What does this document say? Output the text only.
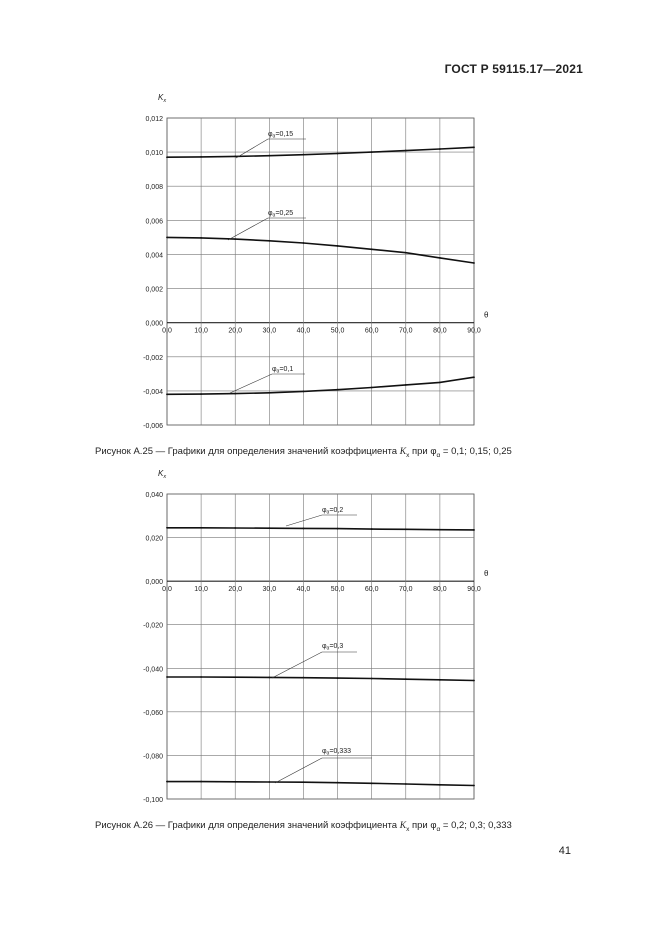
ГОСТ Р 59115.17—2021
0,012
0,010
0,008
0,006
0,004
0,002
0,000
-0,002
-0,004
-0,006
0,0	10,0	20,0	30,0	40,0	50,0	60,0	70,0	80,0	90,0
$K_x$
θ
$\varphi_\alpha=0,15$
$\varphi_\alpha=0,25$
$\varphi_\alpha=0,1$
0,040
0,020
0,000
-0,020
-0,040
-0,060
-0,080
-0,100
0,0	10,0	20,0	30,0	40,0	50,0	60,0	70,0	80,0	90,0
$K_x$
θ
$\varphi_\alpha=0,2$
$\varphi_\alpha=0,3$
$\varphi_\alpha=0,333$
Рисунок А.25 — Графики для определения значений коэффициента $K_x$ при $\varphi_\alpha = 0,1$; 0,15; 0,25
Рисунок А.26 — Графики для определения значений коэффициента $K_x$ при $\varphi_\alpha = 0,2$; 0,3; 0,333
41
